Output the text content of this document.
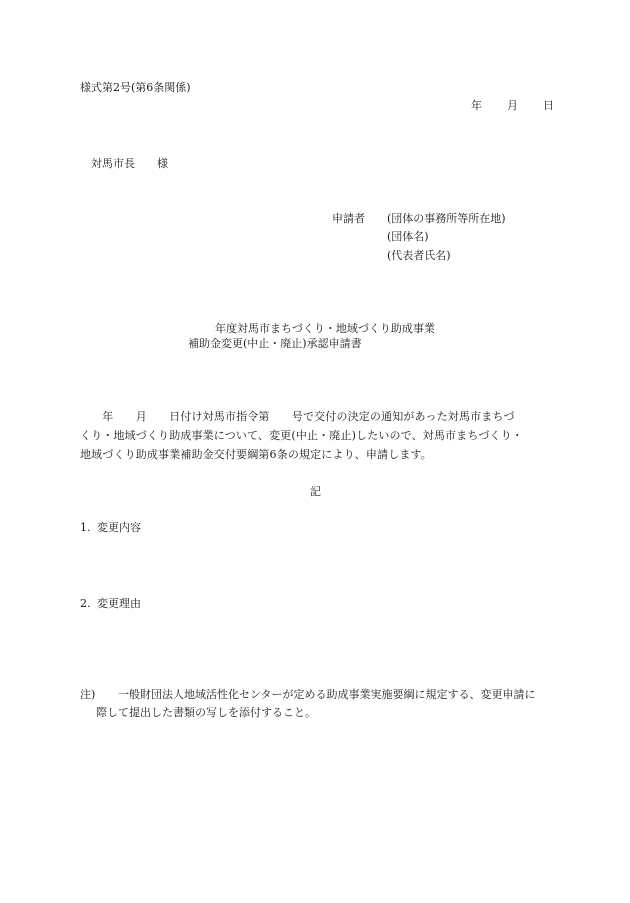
様式第2号(第6条関係)
年　　月　　日
対馬市長　　様
申請者 (団体の事務所等所在地)
(団体名)
(代表者氏名)
年度対馬市まちづくり・地域づくり助成事業
補助金変更(中止・廃止)承認申請書
　　年　　月　　日付け対馬市指令第　　号で交付の決定の通知があった対馬市まちづ
くり・地域づくり助成事業について、変更(中止・廃止)したいので、対馬市まちづくり・
地域づくり助成事業補助金交付要綱第6条の規定により、申請します。
記
1. 変更内容
2. 変更理由
注) 一般財団法人地域活性化センターが定める助成事業実施要綱に規定する、変更申請に
際して提出した書類の写しを添付すること。
